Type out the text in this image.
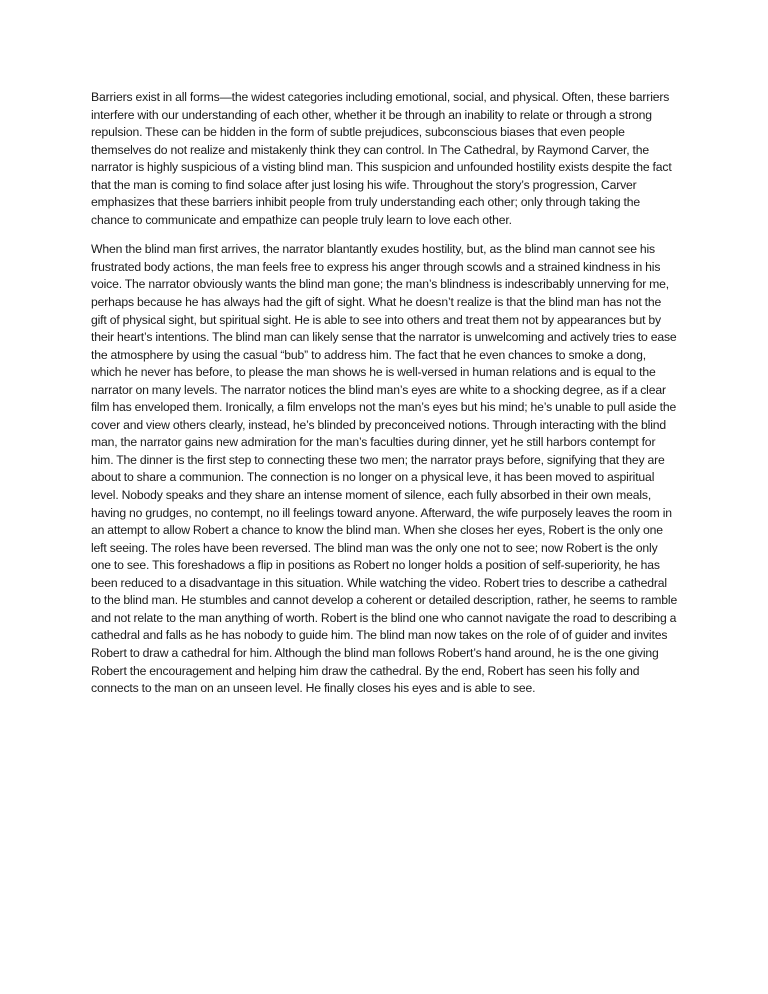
Barriers exist in all forms—the widest categories including emotional, social, and physical. Often, these barriers interfere with our understanding of each other, whether it be through an inability to relate or through a strong repulsion. These can be hidden in the form of subtle prejudices, subconscious biases that even people themselves do not realize and mistakenly think they can control. In The Cathedral, by Raymond Carver, the narrator is highly suspicious of a visting blind man. This suspicion and unfounded hostility exists despite the fact that the man is coming to find solace after just losing his wife. Throughout the story’s progression, Carver emphasizes that these barriers inhibit people from truly understanding each other; only through taking the chance to communicate and empathize can people truly learn to love each other.

When the blind man first arrives, the narrator blantantly exudes hostility, but, as the blind man cannot see his frustrated body actions, the man feels free to express his anger through scowls and a strained kindness in his voice. The narrator obviously wants the blind man gone; the man’s blindness is indescribably unnerving for me, perhaps because he has always had the gift of sight. What he doesn’t realize is that the blind man has not the gift of physical sight, but spiritual sight. He is able to see into others and treat them not by appearances but by their heart’s intentions. The blind man can likely sense that the narrator is unwelcoming and actively tries to ease the atmosphere by using the casual “bub” to address him. The fact that he even chances to smoke a dong, which he never has before, to please the man shows he is well-versed in human relations and is equal to the narrator on many levels. The narrator notices the blind man’s eyes are white to a shocking degree, as if a clear film has enveloped them. Ironically, a film envelops not the man’s eyes but his mind; he’s unable to pull aside the cover and view others clearly, instead, he’s blinded by preconceived notions. Through interacting with the blind man, the narrator gains new admiration for the man’s faculties during dinner, yet he still harbors contempt for him. The dinner is the first step to connecting these two men; the narrator prays before, signifying that they are about to share a communion. The connection is no longer on a physical leve, it has been moved to aspiritual level. Nobody speaks and they share an intense moment of silence, each fully absorbed in their own meals, having no grudges, no contempt, no ill feelings toward anyone. Afterward, the wife purposely leaves the room in an attempt to allow Robert a chance to know the blind man. When she closes her eyes, Robert is the only one left seeing. The roles have been reversed. The blind man was the only one not to see; now Robert is the only one to see. This foreshadows a flip in positions as Robert no longer holds a position of self-superiority, he has been reduced to a disadvantage in this situation. While watching the video. Robert tries to describe a cathedral to the blind man. He stumbles and cannot develop a coherent or detailed description, rather, he seems to ramble and not relate to the man anything of worth. Robert is the blind one who cannot navigate the road to describing a cathedral and falls as he has nobody to guide him. The blind man now takes on the role of of guider and invites Robert to draw a cathedral for him. Although the blind man follows Robert’s hand around, he is the one giving Robert the encouragement and helping him draw the cathedral. By the end, Robert has seen his folly and connects to the man on an unseen level. He finally closes his eyes and is able to see.
